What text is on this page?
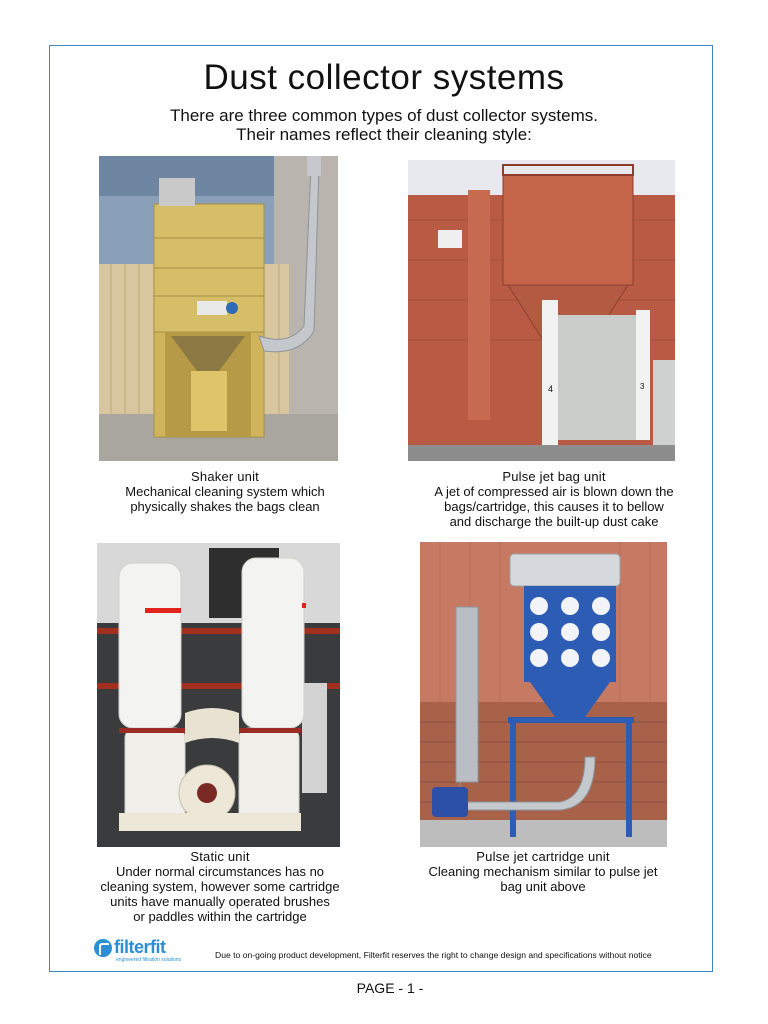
Dust collector systems
There are three common types of dust collector systems.
Their names reflect their cleaning style:
4	3
Shaker unit
Mechanical cleaning system which
physically shakes the bags clean
Pulse jet bag unit
A jet of compressed air is blown down the
bags/cartridge, this causes it to bellow
and discharge the built-up dust cake
Static unit
Under normal circumstances has no
cleaning system, however some cartridge
units have manually operated brushes
or paddles within the cartridge
Pulse jet cartridge unit
Cleaning mechanism similar to pulse jet
bag unit above
filterfit
engineered filtration solutions	Due to on-going product development, Filterfit reserves the right to change design and specifications without notice
PAGE - 1 -
